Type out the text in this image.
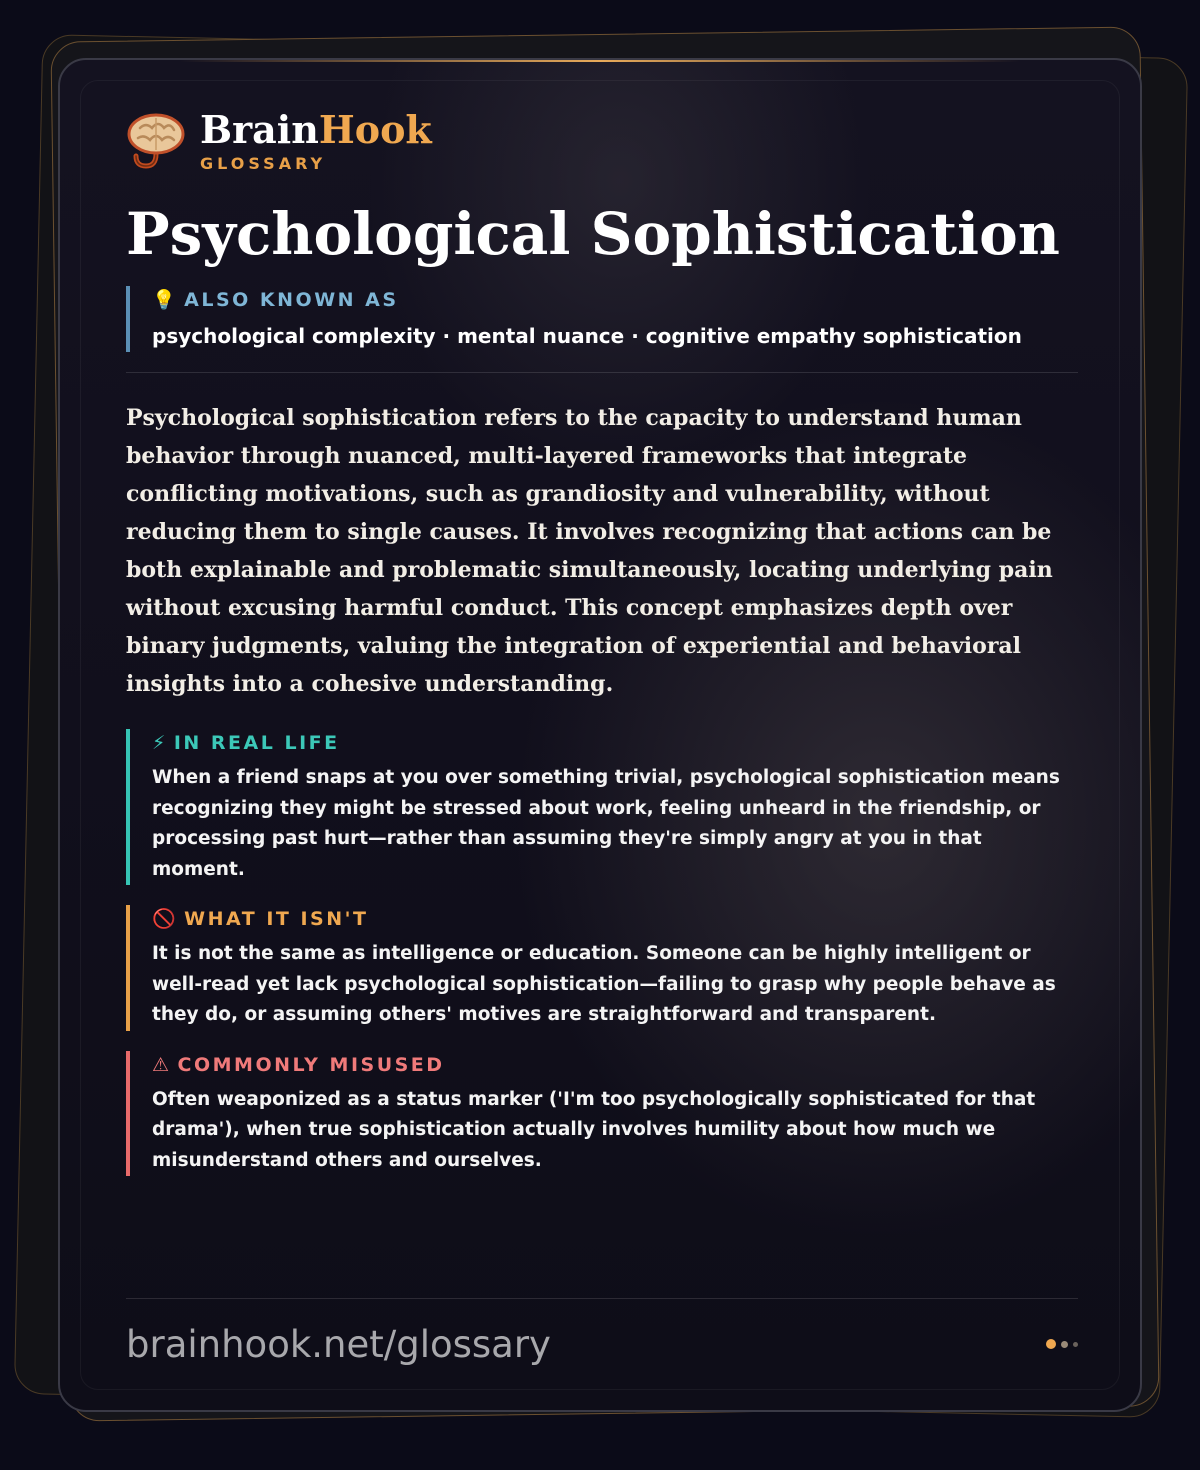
BrainHook
GLOSSARY
Psychological Sophistication
💡 ALSO KNOWN AS
psychological complexity · mental nuance · cognitive empathy sophistication

Psychological sophistication refers to the capacity to understand human behavior through nuanced, multi-layered frameworks that integrate conflicting motivations, such as grandiosity and vulnerability, without reducing them to single causes. It involves recognizing that actions can be both explainable and problematic simultaneously, locating underlying pain without excusing harmful conduct. This concept emphasizes depth over binary judgments, valuing the integration of experiential and behavioral insights into a cohesive understanding.

⚡ IN REAL LIFE
When a friend snaps at you over something trivial, psychological sophistication means recognizing they might be stressed about work, feeling unheard in the friendship, or processing past hurt—rather than assuming they're simply angry at you in that moment.
🚫 WHAT IT ISN'T
It is not the same as intelligence or education. Someone can be highly intelligent or well-read yet lack psychological sophistication—failing to grasp why people behave as they do, or assuming others' motives are straightforward and transparent.
⚠ COMMONLY MISUSED
Often weaponized as a status marker ('I'm too psychologically sophisticated for that drama'), when true sophistication actually involves humility about how much we misunderstand others and ourselves.
brainhook.net/glossary
